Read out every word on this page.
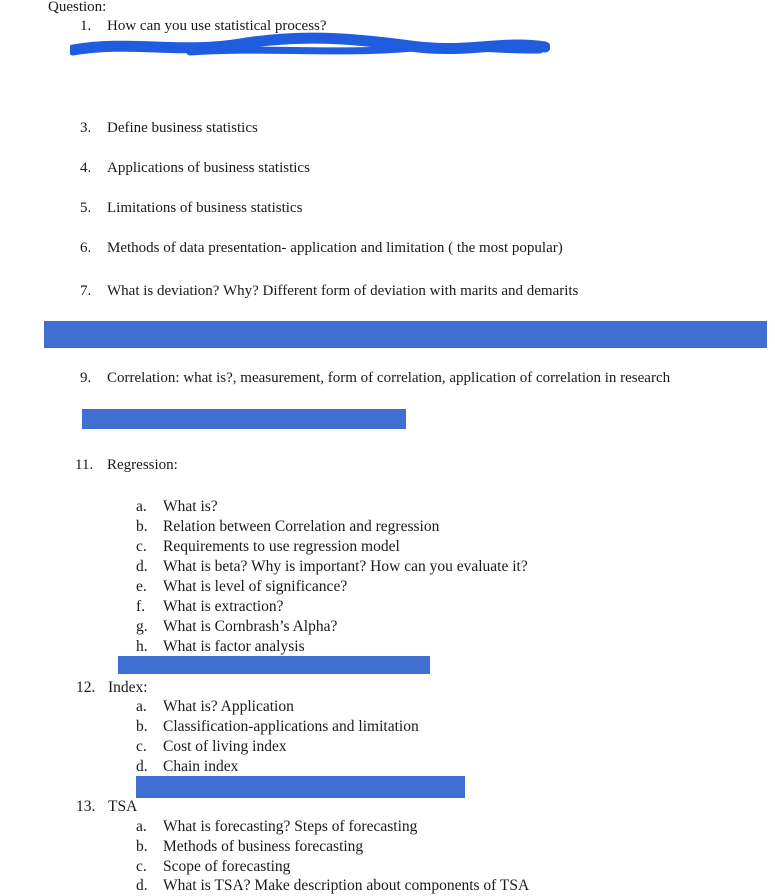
Question:
1. How can you use statistical process?
3. Define business statistics
4. Applications of business statistics
5. Limitations of business statistics
6. Methods of data presentation- application and limitation ( the most popular)
7. What is deviation? Why? Different form of deviation with marits and demarits
9. Correlation: what is?, measurement, form of correlation, application of correlation in research
11. Regression:
a. What is?
b. Relation between Correlation and regression
c. Requirements to use regression model
d. What is beta? Why is important? How can you evaluate it?
e. What is level of significance?
f. What is extraction?
g. What is Cornbrash’s Alpha?
h. What is factor analysis
12. Index:
a. What is? Application
b. Classification-applications and limitation
c. Cost of living index
d. Chain index
13. TSA
a. What is forecasting? Steps of forecasting
b. Methods of business forecasting
c. Scope of forecasting
d. What is TSA? Make description about components of TSA
